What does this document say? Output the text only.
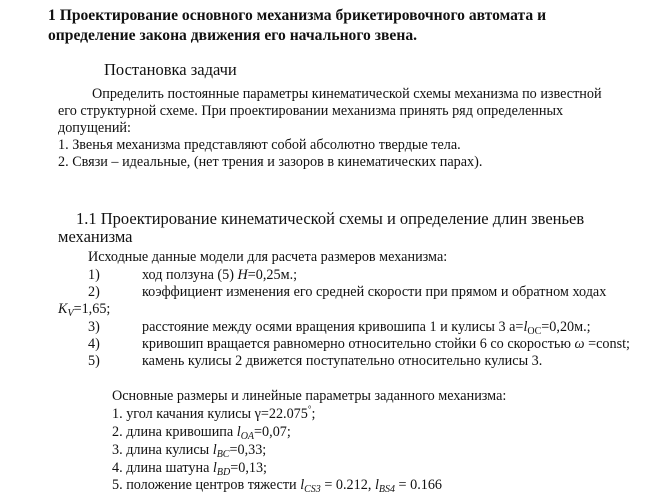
1 Проектирование основного механизма брикетировочного автомата и
определение закона движения его начального звена.
Постановка задачи
Определить постоянные параметры кинематической схемы механизма по известной
его структурной схеме. При проектировании механизма принять ряд определенных
допущений:
1. Звенья механизма представляют собой абсолютно твердые тела.
2. Связи – идеальные, (нет трения и зазоров в кинематических парах).
1.1 Проектирование кинематической схемы и определение длин звеньев
механизма
Исходные данные модели для расчета размеров механизма:
1)	ход ползуна (5) H=0,25м.;
2)	коэффициент изменения его средней скорости при прямом и обратном ходах
$K_V=1,65$;
3)	расстояние между осями вращения кривошипа 1 и кулисы 3 $a=l_{OC}=0,20м$.;
4)	кривошип вращается равномерно относительно стойки 6 со скоростью ω =const;
5)	камень кулисы 2 движется поступательно относительно кулисы 3.
Основные размеры и линейные параметры заданного механизма:
1. угол качания кулисы γ=22.075°;
2. длина кривошипа $l_{OA}=0,07$;
3. длина кулисы $l_{BC}=0,33$;
4. длина шатуна $l_{BD}=0,13$;
5. положение центров тяжести $l_{CS3} = 0.212$, $l_{BS4} = 0.166$
